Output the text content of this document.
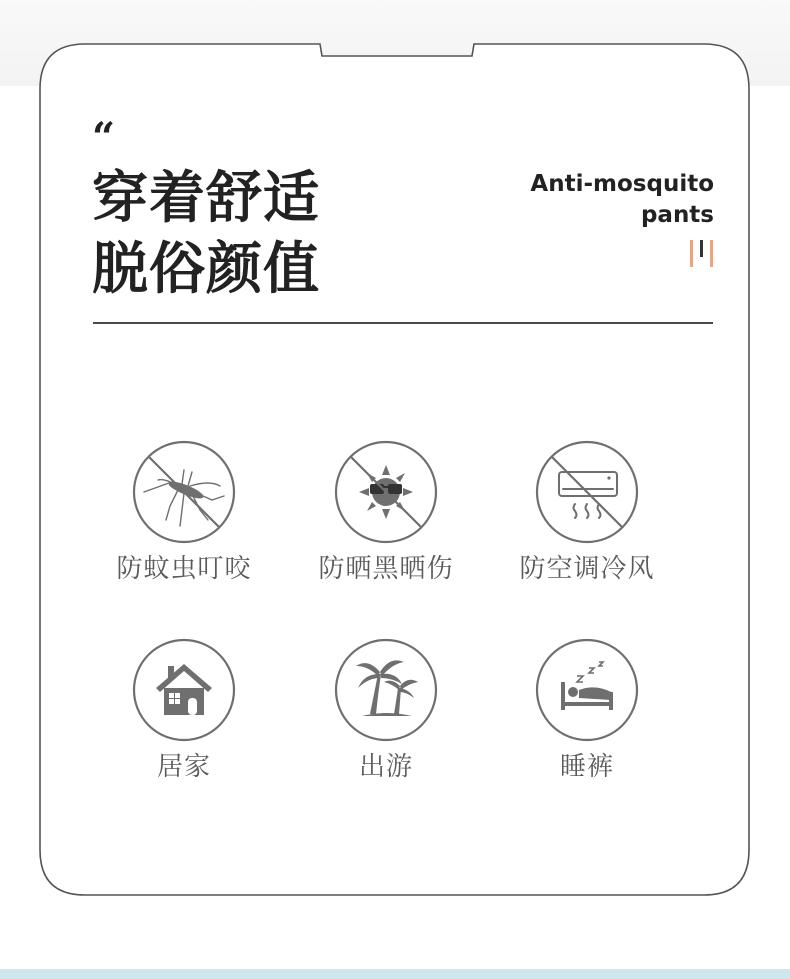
“
穿着舒适
脱俗颜值
Anti-mosquito
pants
防蚊虫叮咬	防晒黑晒伤	防空调冷风
居家	出游	睡裤
